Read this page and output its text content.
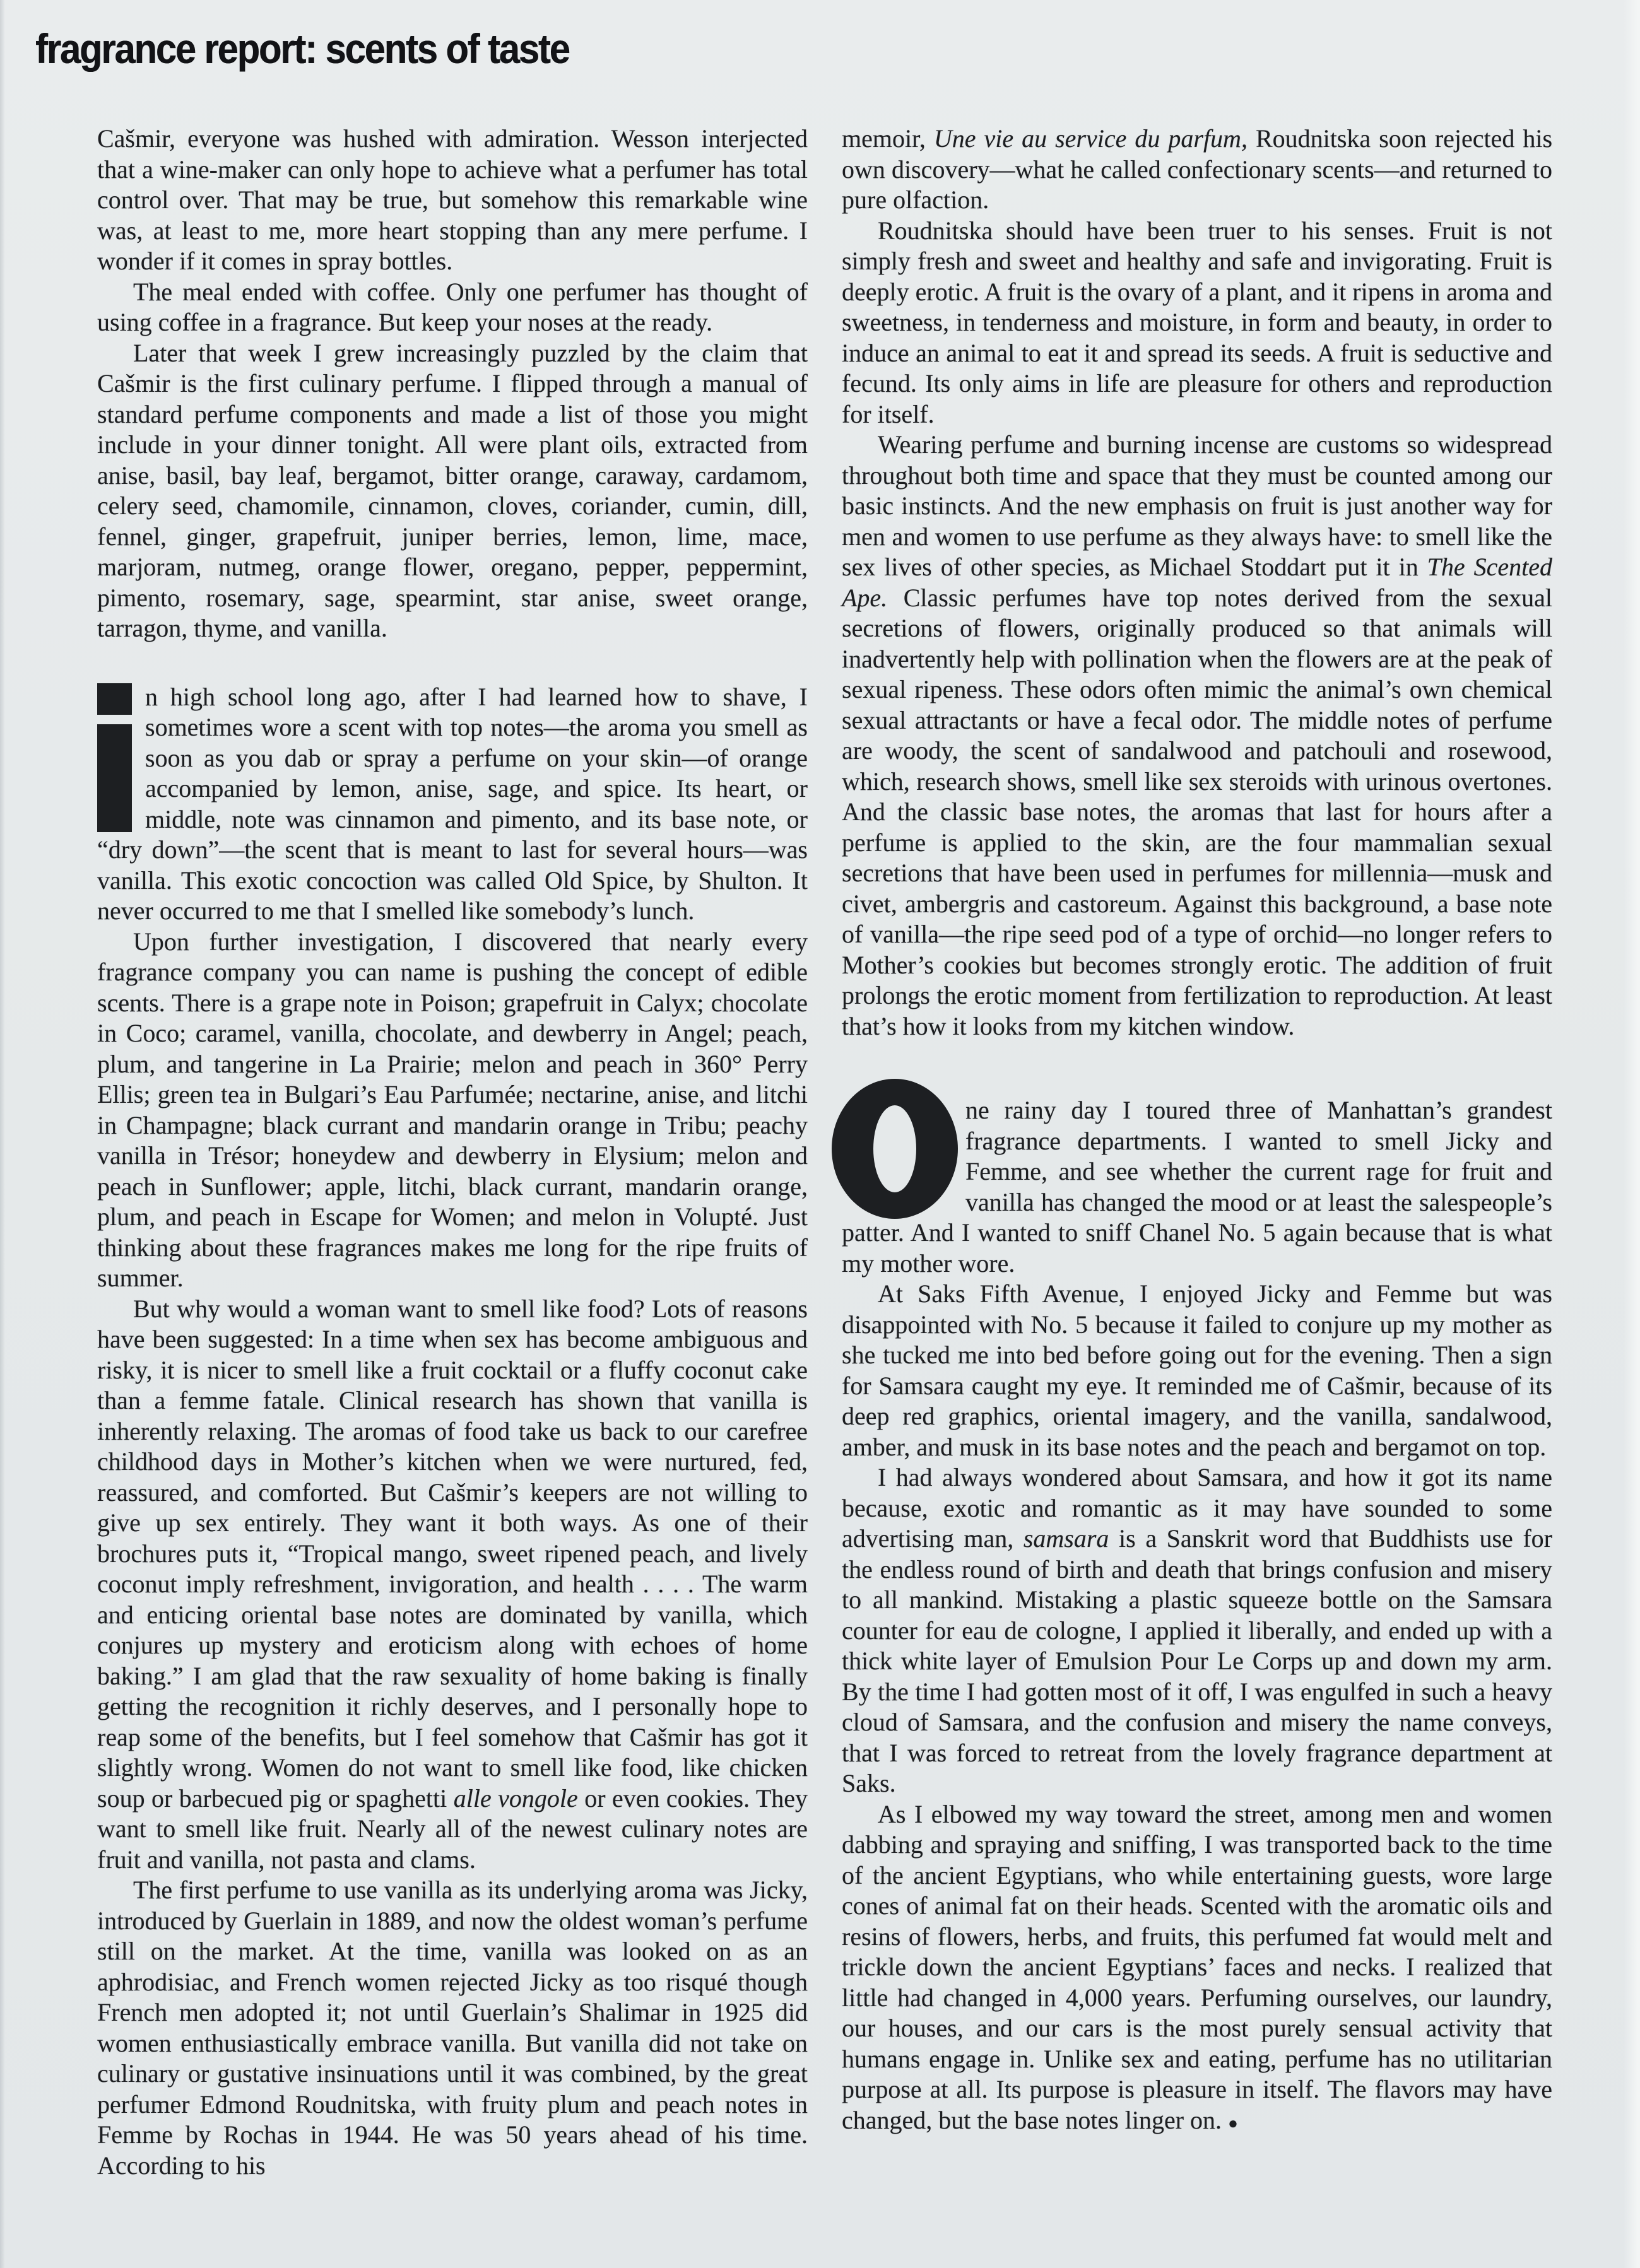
fragrance report: scents of taste

Cašmir, everyone was hushed with admiration. Wesson interjected that a wine-maker can only hope to achieve what a perfumer has total control over. That may be true, but somehow this remarkable wine was, at least to me, more heart stopping than any mere perfume. I wonder if it comes in spray bottles.

The meal ended with coffee. Only one perfumer has thought of using coffee in a fragrance. But keep your noses at the ready.

Later that week I grew increasingly puzzled by the claim that Cašmir is the first culinary perfume. I flipped through a manual of standard perfume components and made a list of those you might include in your dinner tonight. All were plant oils, extracted from anise, basil, bay leaf, bergamot, bitter orange, caraway, cardamom, celery seed, chamomile, cinnamon, cloves, coriander, cumin, dill, fennel, ginger, grapefruit, juniper berries, lemon, lime, mace, marjoram, nutmeg, orange flower, oregano, pepper, peppermint, pimento, rosemary, sage, spearmint, star anise, sweet orange, tarragon, thyme, and vanilla.

n high school long ago, after I had learned how to shave, I sometimes wore a scent with top notes—the aroma you smell as soon as you dab or spray a perfume on your skin—of orange accompanied by lemon, anise, sage, and spice. Its heart, or middle, note was cinnamon and pimento, and its base note, or “dry down”—the scent that is meant to last for several hours—was vanilla. This exotic concoction was called Old Spice, by Shulton. It never occurred to me that I smelled like somebody’s lunch.

Upon further investigation, I discovered that nearly every fragrance company you can name is pushing the concept of edible scents. There is a grape note in Poison; grapefruit in Calyx; chocolate in Coco; caramel, vanilla, chocolate, and dewberry in Angel; peach, plum, and tangerine in La Prairie; melon and peach in 360° Perry Ellis; green tea in Bulgari’s Eau Parfumée; nectarine, anise, and litchi in Champagne; black currant and mandarin orange in Tribu; peachy vanilla in Trésor; honeydew and dewberry in Elysium; melon and peach in Sunflower; apple, litchi, black currant, mandarin orange, plum, and peach in Escape for Women; and melon in Volupté. Just thinking about these fragrances makes me long for the ripe fruits of summer.

But why would a woman want to smell like food? Lots of reasons have been suggested: In a time when sex has become ambiguous and risky, it is nicer to smell like a fruit cocktail or a fluffy coconut cake than a femme fatale. Clinical research has shown that vanilla is inherently relaxing. The aromas of food take us back to our carefree childhood days in Mother’s kitchen when we were nurtured, fed, reassured, and comforted. But Cašmir’s keepers are not willing to give up sex entirely. They want it both ways. As one of their brochures puts it, “Tropical mango, sweet ripened peach, and lively coconut imply refreshment, invigoration, and health . . . . The warm and enticing oriental base notes are dominated by vanilla, which conjures up mystery and eroticism along with echoes of home baking.” I am glad that the raw sexuality of home baking is finally getting the recognition it richly deserves, and I personally hope to reap some of the benefits, but I feel somehow that Cašmir has got it slightly wrong. Women do not want to smell like food, like chicken soup or barbecued pig or spaghetti alle vongole or even cookies. They want to smell like fruit. Nearly all of the newest culinary notes are fruit and vanilla, not pasta and clams.

The first perfume to use vanilla as its underlying aroma was Jicky, introduced by Guerlain in 1889, and now the oldest woman’s perfume still on the market. At the time, vanilla was looked on as an aphrodisiac, and French women rejected Jicky as too risqué though French men adopted it; not until Guerlain’s Shalimar in 1925 did women enthusiastically embrace vanilla. But vanilla did not take on culinary or gustative insinuations until it was combined, by the great perfumer Edmond Roudnitska, with fruity plum and peach notes in Femme by Rochas in 1944. He was 50 years ahead of his time. According to his

memoir, Une vie au service du parfum, Roudnitska soon rejected his own discovery—what he called confectionary scents—and returned to pure olfaction.

Roudnitska should have been truer to his senses. Fruit is not simply fresh and sweet and healthy and safe and invigorating. Fruit is deeply erotic. A fruit is the ovary of a plant, and it ripens in aroma and sweetness, in tenderness and moisture, in form and beauty, in order to induce an animal to eat it and spread its seeds. A fruit is seductive and fecund. Its only aims in life are pleasure for others and reproduction for itself.

Wearing perfume and burning incense are customs so widespread throughout both time and space that they must be counted among our basic instincts. And the new emphasis on fruit is just another way for men and women to use perfume as they always have: to smell like the sex lives of other species, as Michael Stoddart put it in The Scented Ape. Classic perfumes have top notes derived from the sexual secretions of flowers, originally produced so that animals will inadvertently help with pollination when the flowers are at the peak of sexual ripeness. These odors often mimic the animal’s own chemical sexual attractants or have a fecal odor. The middle notes of perfume are woody, the scent of sandalwood and patchouli and rosewood, which, research shows, smell like sex steroids with urinous overtones. And the classic base notes, the aromas that last for hours after a perfume is applied to the skin, are the four mammalian sexual secretions that have been used in perfumes for millennia—musk and civet, ambergris and castoreum. Against this background, a base note of vanilla—the ripe seed pod of a type of orchid—no longer refers to Mother’s cookies but becomes strongly erotic. The addition of fruit prolongs the erotic moment from fertilization to reproduction. At least that’s how it looks from my kitchen window.

ne rainy day I toured three of Manhattan’s grandest fragrance departments. I wanted to smell Jicky and Femme, and see whether the current rage for fruit and vanilla has changed the mood or at least the salespeople’s patter. And I wanted to sniff Chanel No. 5 again because that is what my mother wore.

At Saks Fifth Avenue, I enjoyed Jicky and Femme but was disappointed with No. 5 because it failed to conjure up my mother as she tucked me into bed before going out for the evening. Then a sign for Samsara caught my eye. It reminded me of Cašmir, because of its deep red graphics, oriental imagery, and the vanilla, sandalwood, amber, and musk in its base notes and the peach and bergamot on top.

I had always wondered about Samsara, and how it got its name because, exotic and romantic as it may have sounded to some advertising man, samsara is a Sanskrit word that Buddhists use for the endless round of birth and death that brings confusion and misery to all mankind. Mistaking a plastic squeeze bottle on the Samsara counter for eau de cologne, I applied it liberally, and ended up with a thick white layer of Emulsion Pour Le Corps up and down my arm. By the time I had gotten most of it off, I was engulfed in such a heavy cloud of Samsara, and the confusion and misery the name conveys, that I was forced to retreat from the lovely fragrance department at Saks.

As I elbowed my way toward the street, among men and women dabbing and spraying and sniffing, I was transported back to the time of the ancient Egyptians, who while entertaining guests, wore large cones of animal fat on their heads. Scented with the aromatic oils and resins of flowers, herbs, and fruits, this perfumed fat would melt and trickle down the ancient Egyptians’ faces and necks. I realized that little had changed in 4,000 years. Perfuming ourselves, our laundry, our houses, and our cars is the most purely sensual activity that humans engage in. Unlike sex and eating, perfume has no utilitarian purpose at all. Its purpose is pleasure in itself. The flavors may have changed, but the base notes linger on. ●
